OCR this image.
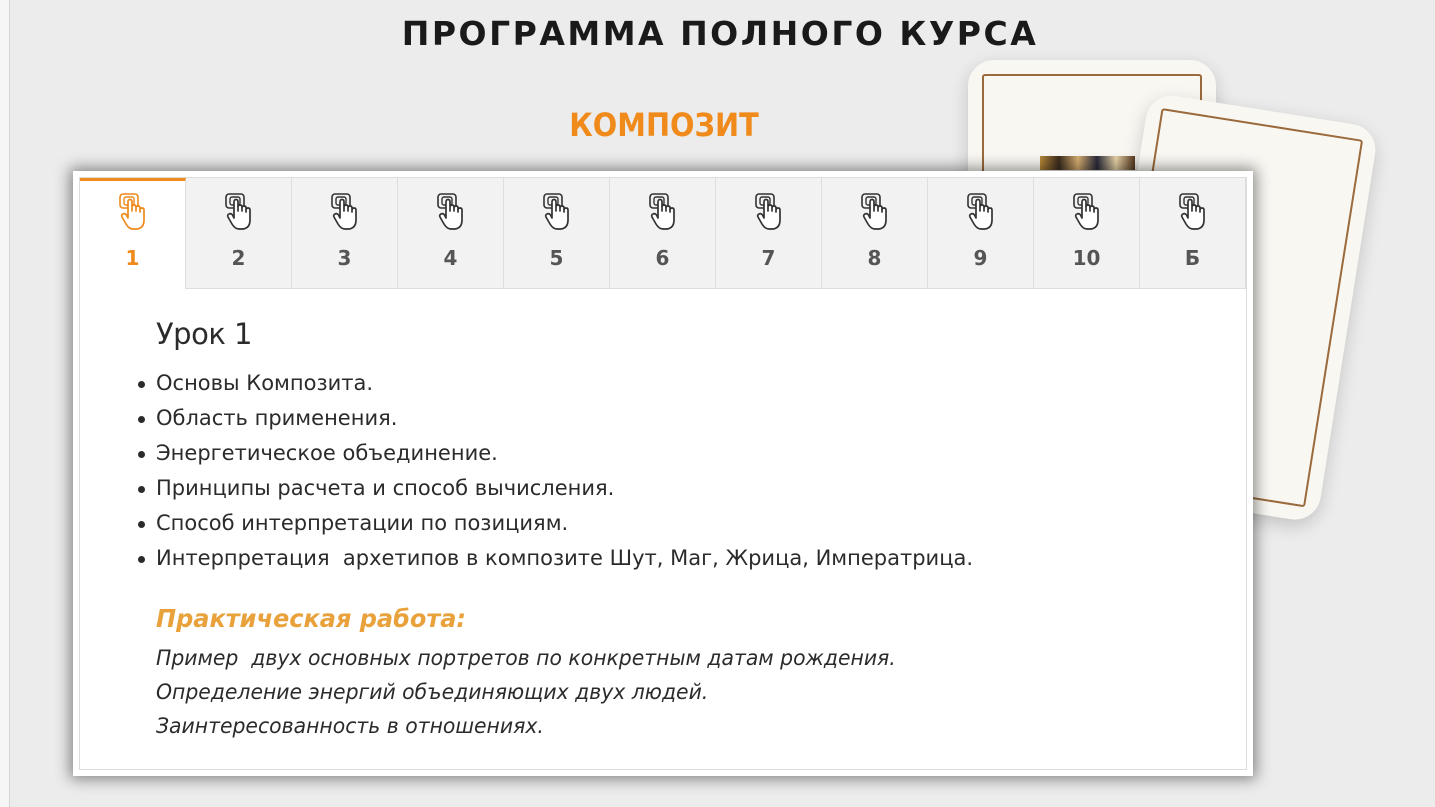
ПРОГРАММА ПОЛНОГО КУРСА
КОМПОЗИТ
1	2	3	4	5	6	7	8	9	10	Б
Урок 1
Основы Композита.
Область применения.
Энергетическое объединение.
Принципы расчета и способ вычисления.
Способ интерпретации по позициям.
Интерпретация  архетипов в композите Шут, Маг, Жрица, Императрица.
Практическая работа:
Пример  двух основных портретов по конкретным датам рождения.
Определение энергий объединяющих двух людей.
Заинтересованность в отношениях.
